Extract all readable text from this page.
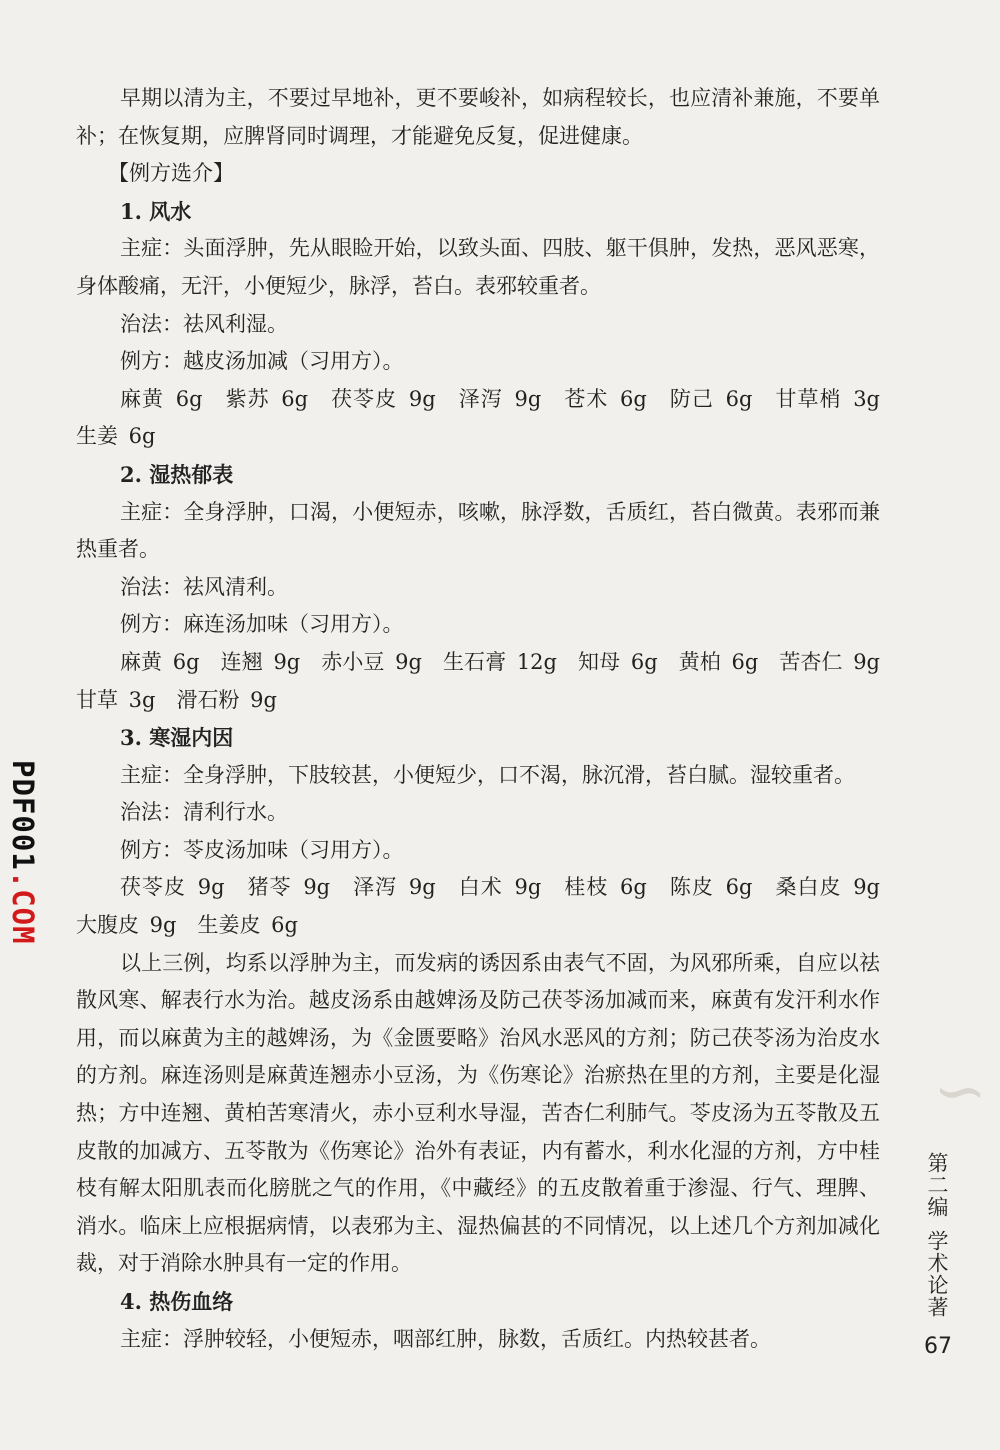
早期以清为主，不要过早地补，更不要峻补，如病程较长，也应清补兼施，不要单补；在恢复期，应脾肾同时调理，才能避免反复，促进健康。

【例方选介】

1. 风水

主症：头面浮肿，先从眼睑开始，以致头面、四肢、躯干俱肿，发热，恶风恶寒，身体酸痛，无汗，小便短少，脉浮，苔白。表邪较重者。

治法：祛风利湿。

例方：越皮汤加减（习用方）。

麻黄 6g　紫苏 6g　茯苓皮 9g　泽泻 9g　苍术 6g　防己 6g　甘草梢 3g　生姜 6g

2. 湿热郁表

主症：全身浮肿，口渴，小便短赤，咳嗽，脉浮数，舌质红，苔白微黄。表邪而兼热重者。

治法：祛风清利。

例方：麻连汤加味（习用方）。

麻黄 6g　连翘 9g　赤小豆 9g　生石膏 12g　知母 6g　黄柏 6g　苦杏仁 9g　甘草 3g　滑石粉 9g

3. 寒湿内因

主症：全身浮肿，下肢较甚，小便短少，口不渴，脉沉滑，苔白腻。湿较重者。

治法：清利行水。

例方：苓皮汤加味（习用方）。

茯苓皮 9g　猪苓 9g　泽泻 9g　白术 9g　桂枝 6g　陈皮 6g　桑白皮 9g　大腹皮 9g　生姜皮 6g

以上三例，均系以浮肿为主，而发病的诱因系由表气不固，为风邪所乘，自应以祛散风寒、解表行水为治。越皮汤系由越婢汤及防己茯苓汤加减而来，麻黄有发汗利水作用，而以麻黄为主的越婢汤，为《金匮要略》治风水恶风的方剂；防己茯苓汤为治皮水的方剂。麻连汤则是麻黄连翘赤小豆汤，为《伤寒论》治瘀热在里的方剂，主要是化湿热；方中连翘、黄柏苦寒清火，赤小豆利水导湿，苦杏仁利肺气。苓皮汤为五苓散及五皮散的加减方、五苓散为《伤寒论》治外有表证，内有蓄水，利水化湿的方剂，方中桂枝有解太阳肌表而化膀胱之气的作用，《中藏经》的五皮散着重于渗湿、行气、理脾、消水。临床上应根据病情，以表邪为主、湿热偏甚的不同情况，以上述几个方剂加减化裁，对于消除水肿具有一定的作用。

4. 热伤血络

主症：浮肿较轻，小便短赤，咽部红肿，脉数，舌质红。内热较甚者。

PDF001.COM
∽
第二编
学术论著
67
